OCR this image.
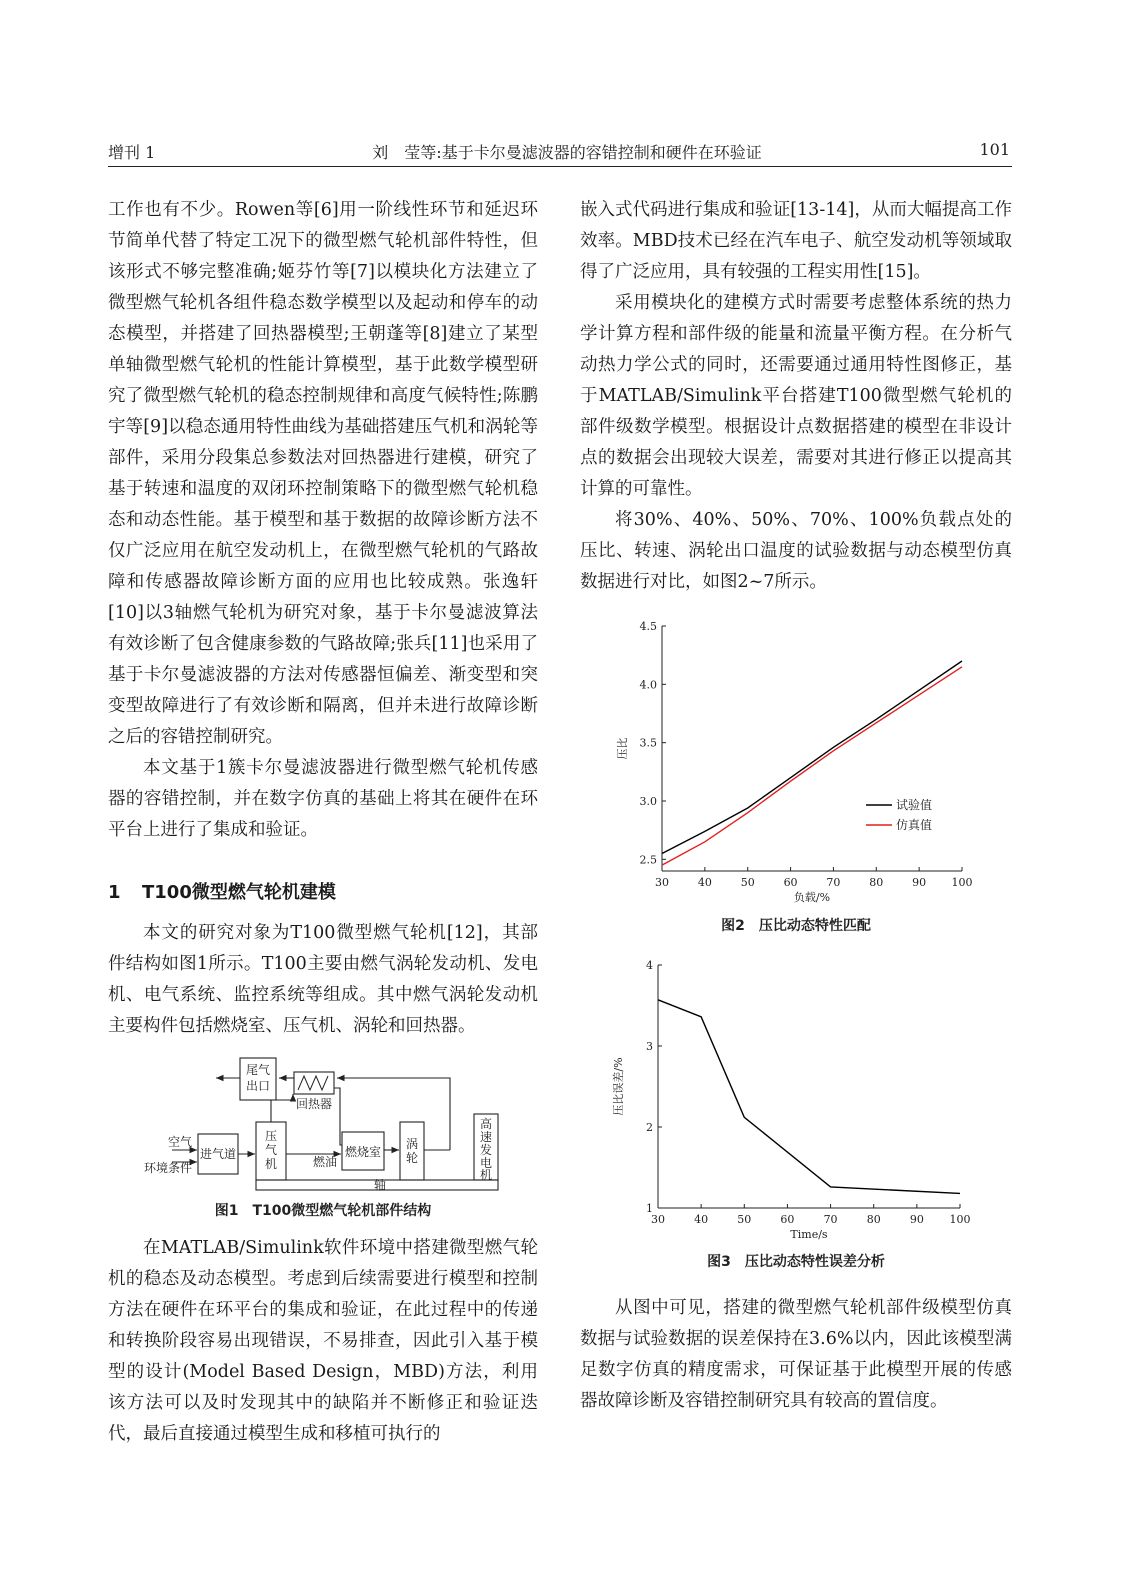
增刊 1	刘　莹等:基于卡尔曼滤波器的容错控制和硬件在环验证	101

工作也有不少。Rowen等[6]用一阶线性环节和延迟环节简单代替了特定工况下的微型燃气轮机部件特性，但该形式不够完整准确;姬芬竹等[7]以模块化方法建立了微型燃气轮机各组件稳态数学模型以及起动和停车的动态模型，并搭建了回热器模型;王朝蓬等[8]建立了某型单轴微型燃气轮机的性能计算模型，基于此数学模型研究了微型燃气轮机的稳态控制规律和高度气候特性;陈鹏宇等[9]以稳态通用特性曲线为基础搭建压气机和涡轮等部件，采用分段集总参数法对回热器进行建模，研究了基于转速和温度的双闭环控制策略下的微型燃气轮机稳态和动态性能。基于模型和基于数据的故障诊断方法不仅广泛应用在航空发动机上，在微型燃气轮机的气路故障和传感器故障诊断方面的应用也比较成熟。张逸轩[10]以3轴燃气轮机为研究对象，基于卡尔曼滤波算法有效诊断了包含健康参数的气路故障;张兵[11]也采用了基于卡尔曼滤波器的方法对传感器恒偏差、渐变型和突变型故障进行了有效诊断和隔离，但并未进行故障诊断之后的容错控制研究。

本文基于1簇卡尔曼滤波器进行微型燃气轮机传感器的容错控制，并在数字仿真的基础上将其在硬件在环平台上进行了集成和验证。

1 T100微型燃气轮机建模

本文的研究对象为T100微型燃气轮机[12]，其部件结构如图1所示。T100主要由燃气涡轮发动机、发电机、电气系统、监控系统等组成。其中燃气涡轮发动机主要构件包括燃烧室、压气机、涡轮和回热器。

尾气
出口
回热器
空气
环境条件
进气道
压
气
机	燃油
燃烧室
涡
轮
高
速
发
电
机
轴
图1　T100微型燃气轮机部件结构

在MATLAB/Simulink软件环境中搭建微型燃气轮机的稳态及动态模型。考虑到后续需要进行模型和控制方法在硬件在环平台的集成和验证，在此过程中的传递和转换阶段容易出现错误，不易排查，因此引入基于模型的设计(Model Based Design，MBD)方法，利用该方法可以及时发现其中的缺陷并不断修正和验证迭代，最后直接通过模型生成和移植可执行的

嵌入式代码进行集成和验证[13-14]，从而大幅提高工作效率。MBD技术已经在汽车电子、航空发动机等领域取得了广泛应用，具有较强的工程实用性[15]。

采用模块化的建模方式时需要考虑整体系统的热力学计算方程和部件级的能量和流量平衡方程。在分析气动热力学公式的同时，还需要通过通用特性图修正，基于MATLAB/Simulink平台搭建T100微型燃气轮机的部件级数学模型。根据设计点数据搭建的模型在非设计点的数据会出现较大误差，需要对其进行修正以提高其计算的可靠性。

将30%、40%、50%、70%、100%负载点处的压比、转速、涡轮出口温度的试验数据与动态模型仿真数据进行对比，如图2~7所示。

30	40	50	60	70	80	90 100
2.5
3.0
3.5
4.0
4.5
负载/%
压比
试验值
仿真值
图2　压比动态特性匹配
30	40	50	60	70	80	90 100
1
2
3
4
Time/s
压比误差/%
图3　压比动态特性误差分析

从图中可见，搭建的微型燃气轮机部件级模型仿真数据与试验数据的误差保持在3.6%以内，因此该模型满足数字仿真的精度需求，可保证基于此模型开展的传感器故障诊断及容错控制研究具有较高的置信度。
